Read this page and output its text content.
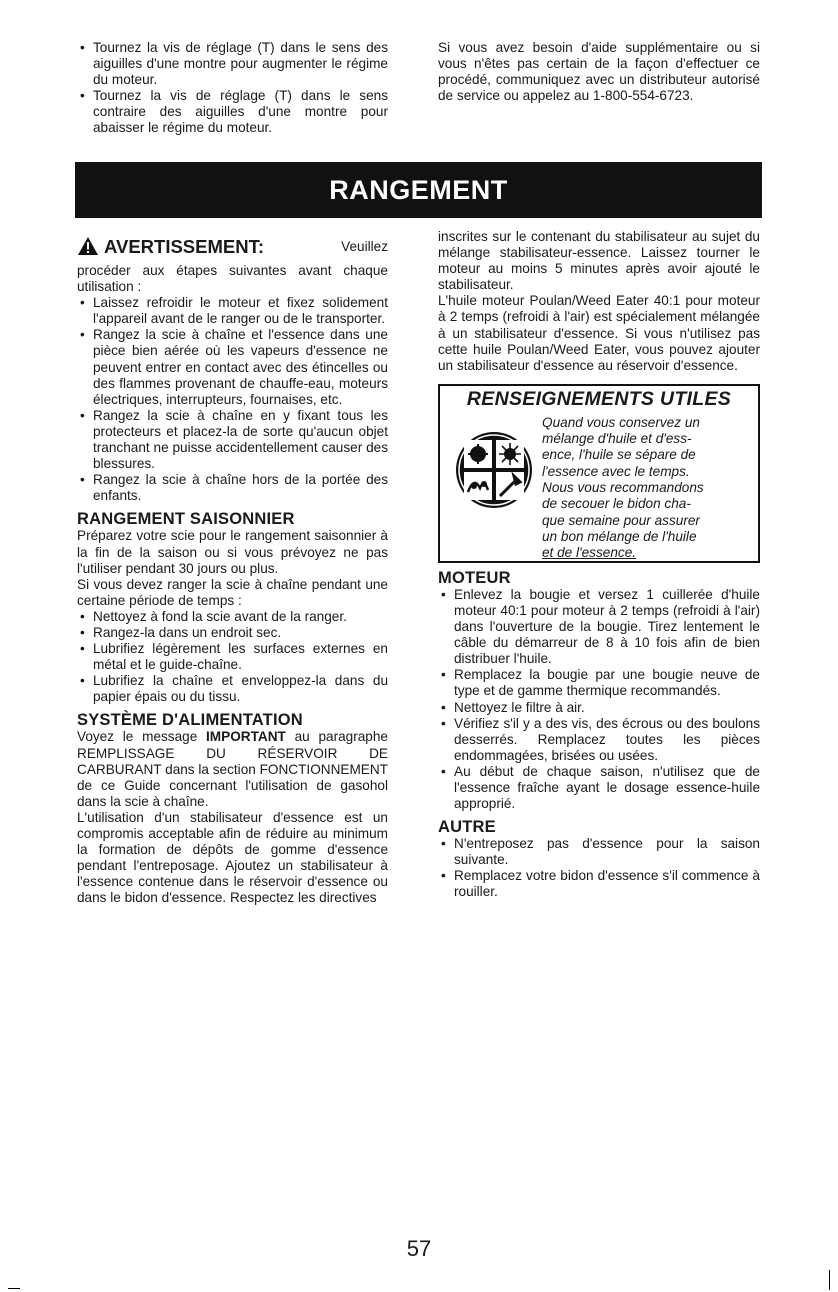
• Tournez la vis de réglage (T) dans le sens des aiguilles d'une montre pour augmenter le régime du moteur.
• Tournez la vis de réglage (T) dans le sens contraire des aiguilles d'une montre pour abaisser le régime du moteur.

Si vous avez besoin d'aide supplémentaire ou si vous n'êtes pas certain de la façon d'effectuer ce procédé, communiquez avec un distributeur autorisé de service ou appelez au 1-800-554-6723.

RANGEMENT

AVERTISSEMENT:	Veuillez

procéder aux étapes suivantes avant chaque utilisation :

• Laissez refroidir le moteur et fixez solidement l'appareil avant de le ranger ou de le transporter.
• Rangez la scie à chaîne et l'essence dans une pièce bien aérée où les vapeurs d'essence ne peuvent entrer en contact avec des étincelles ou des flammes provenant de chauffe-eau, moteurs électriques, interrupteurs, fournaises, etc.
• Rangez la scie à chaîne en y fixant tous les protecteurs et placez-la de sorte qu'aucun objet tranchant ne puisse accidentellement causer des blessures.
• Rangez la scie à chaîne hors de la portée des enfants.
RANGEMENT SAISONNIER

Préparez votre scie pour le rangement saisonnier à la fin de la saison ou si vous prévoyez ne pas l'utiliser pendant 30 jours ou plus.

Si vous devez ranger la scie à chaîne pendant une certaine période de temps :

• Nettoyez à fond la scie avant de la ranger.
• Rangez-la dans un endroit sec.
• Lubrifiez légèrement les surfaces externes en métal et le guide-chaîne.
• Lubrifiez la chaîne et enveloppez-la dans du papier épais ou du tissu.
SYSTÈME D'ALIMENTATION

Voyez le message IMPORTANT au paragraphe REMPLISSAGE DU RÉSERVOIR DE CARBURANT dans la section FONCTIONNEMENT de ce Guide concernant l'utilisation de gasohol dans la scie à chaîne.

L'utilisation d'un stabilisateur d'essence est un compromis acceptable afin de réduire au minimum la formation de dépôts de gomme d'essence pendant l'entreposage. Ajoutez un stabilisateur à l'essence contenue dans le réservoir d'essence ou dans le bidon d'essence. Respectez les directives

inscrites sur le contenant du stabilisateur au sujet du mélange stabilisateur-essence. Laissez tourner le moteur au moins 5 minutes après avoir ajouté le stabilisateur.

L'huile moteur Poulan/Weed Eater 40:1 pour moteur à 2 temps (refroidi à l'air) est spécialement mélangée à un stabilisateur d'essence. Si vous n'utilisez pas cette huile Poulan/Weed Eater, vous pouvez ajouter un stabilisateur d'essence au réservoir d'essence.

RENSEIGNEMENTS UTILES

Quand vous conservez un

mélange d'huile et d'ess-

ence, l'huile se sépare de

l'essence avec le temps.

Nous vous recommandons

de secouer le bidon cha-

que semaine pour assurer

un bon mélange de l'huile

et de l'essence.

MOTEUR
• Enlevez la bougie et versez 1 cuillerée d'huile moteur 40:1 pour moteur à 2 temps (refroidi à l'air) dans l'ouverture de la bougie. Tirez lentement le câble du démarreur de 8 à 10 fois afin de bien distribuer l'huile.
• Remplacez la bougie par une bougie neuve de type et de gamme thermique recommandés.
• Nettoyez le filtre à air.
• Vérifiez s'il y a des vis, des écrous ou des boulons desserrés. Remplacez toutes les pièces endommagées, brisées ou usées.
• Au début de chaque saison, n'utilisez que de l'essence fraîche ayant le dosage essence-huile approprié.
AUTRE
• N'entreposez pas d'essence pour la saison suivante.
• Remplacez votre bidon d'essence s'il commence à rouiller.
57
